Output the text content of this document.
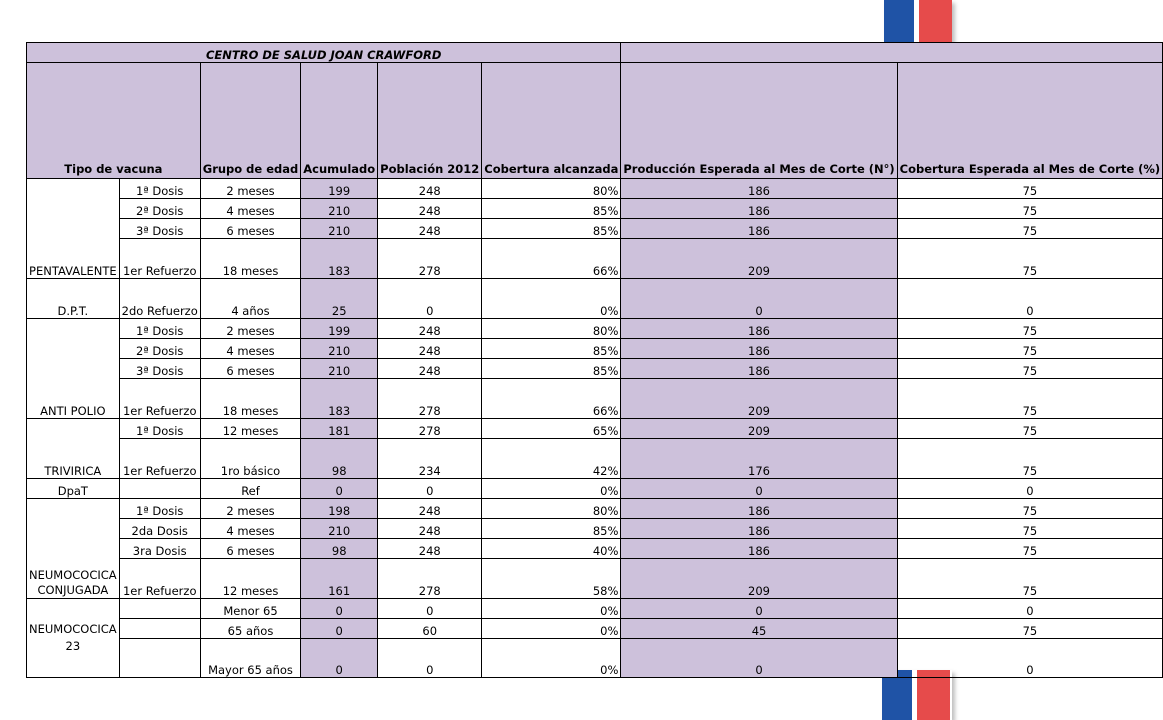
CENTRO DE SALUD JOAN CRAWFORD							
Tipo de vacuna		Grupo de edad	Acumulado	Población 2012	Cobertura alcanzada	Producción Esperada al Mes de Corte (N°)	Cobertura Esperada al Mes de Corte (%)
PENTAVALENTE	1ª Dosis	2 meses	199	248	80%	186	75
	2ª Dosis	4 meses	210	248	85%	186	75
	3ª Dosis	6 meses	210	248	85%	186	75
	1er Refuerzo	18 meses	183	278	66%	209	75
D.P.T.	2do Refuerzo	4 años	25	0	0%	0	0
ANTI POLIO	1ª Dosis	2 meses	199	248	80%	186	75
	2ª Dosis	4 meses	210	248	85%	186	75
	3ª Dosis	6 meses	210	248	85%	186	75
	1er Refuerzo	18 meses	183	278	66%	209	75
TRIVIRICA	1ª Dosis	12 meses	181	278	65%	209	75
	1er Refuerzo	1ro básico	98	234	42%	176	75
DpaT		Ref	0	0	0%	0	0
NEUMOCOCICA CONJUGADA	1ª Dosis	2 meses	198	248	80%	186	75
	2da Dosis	4 meses	210	248	85%	186	75
	3ra Dosis	6 meses	98	248	40%	186	75
	1er Refuerzo	12 meses	161	278	58%	209	75
NEUMOCOCICA 23		Menor 65	0	0	0%	0	0
		65 años	0	60	0%	45	75
		Mayor 65 años	0	0	0%	0	0
